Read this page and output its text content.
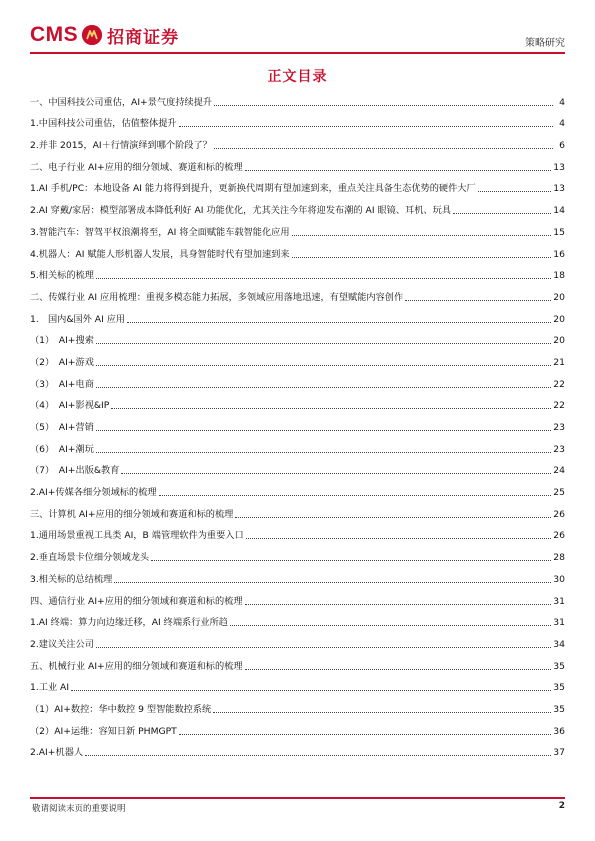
CMS 招商证券	策略研究
正文目录
一、中国科技公司重估，AI+景气度持续提升	4
1.中国科技公司重估，估值整体提升	4
2.并非 2015，AI＋行情演绎到哪个阶段了？	6
二、电子行业 AI+应用的细分领域、赛道和标的梳理	13
1.AI 手机/PC：本地设备 AI 能力将得到提升，更新换代周期有望加速到来，重点关注具备生态优势的硬件大厂	13
2.AI 穿戴/家居：模型部署成本降低利好 AI 功能优化，尤其关注今年将迎发布潮的 AI 眼镜、耳机、玩具	14
3.智能汽车：智驾平权浪潮将至，AI 将全面赋能车载智能化应用	15
4.机器人：AI 赋能人形机器人发展，具身智能时代有望加速到来	16
5.相关标的梳理	18
二、传媒行业 AI 应用梳理：重视多模态能力拓展，多领域应用落地迅速，有望赋能内容创作	20
1.　国内&国外 AI 应用	20
（1）　AI+搜索	20
（2）　AI+游戏	21
（3）　AI+电商	22
（4）　AI+影视&IP	22
（5）　AI+营销	23
（6）　AI+潮玩	23
（7）　AI+出版&教育	24
2.AI+传媒各细分领域标的梳理	25
三、计算机 AI+应用的细分领域和赛道和标的梳理	26
1.通用场景重视工具类 AI，B 端管理软件为重要入口	26
2.垂直场景卡位细分领域龙头	28
3.相关标的总结梳理	30
四、通信行业 AI+应用的细分领域和赛道和标的梳理	31
1.AI 终端：算力向边缘迁移，AI 终端系行业所趋	31
2.建议关注公司	34
五、机械行业 AI+应用的细分领域和赛道和标的梳理	35
1.工业 AI	35
（1）AI+数控：华中数控 9 型智能数控系统	35
（2）AI+运维：容知日新 PHMGPT	36
2.AI+机器人	37
敬请阅读末页的重要说明	2
